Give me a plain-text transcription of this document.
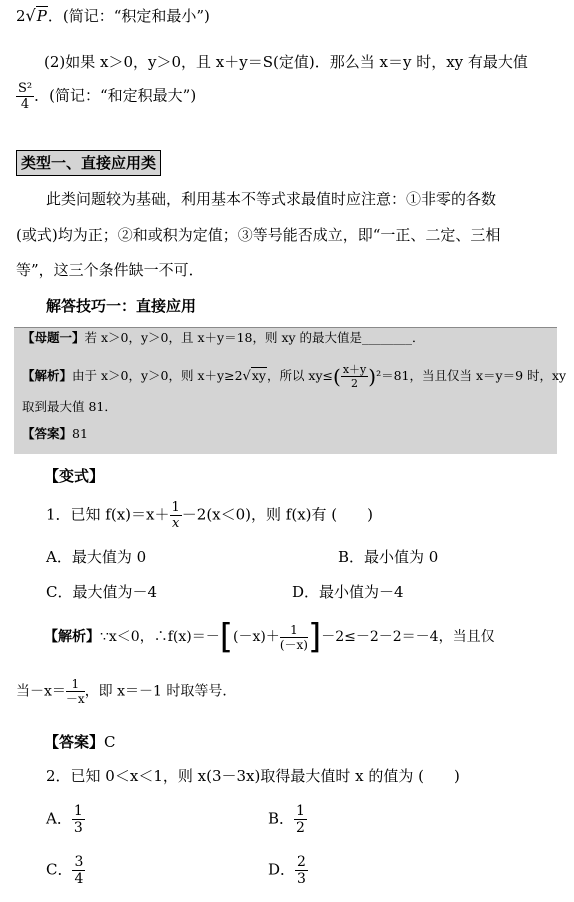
2√P．(简记：“积定和最小”)
(2)如果 x＞0，y＞0，且 x＋y＝S(定值)．那么当 x＝y 时，xy 有最大值
$\frac{\text{S²}}{4}$ ．(简记：“和定积最大”)
类型一、直接应用类
此类问题较为基础，利用基本不等式求最值时应注意：①非零的各数
(或式)均为正；②和或积为定值；③等号能否成立，即“一正、二定、三相
等”，这三个条件缺一不可．
解答技巧一：直接应用
【母题一】若 x＞0，y＞0，且 x＋y＝18，则 xy 的最大值是________．
【解析】由于 x＞0，y＞0，则 x＋y≥2√xy，所以 $xy\le( \frac{x+y}{2} )^2=81$，当且仅当 x＝y＝9 时，xy
取到最大值 81．
【答案】81
【变式】
1．已知 $f(x)=x+ \frac{1}{x} -2(x<0)$，则 f(x)有 (　　)
A．最大值为 0	B．最小值为 0
C．最大值为－4	D．最小值为－4
【解析】∵x＜0，∴f(x)＝－[(－x)＋ $\frac{1}{(-x)} ]-2\le-2-2=-4$，当且仅
当$-x= \frac{1}{-x}$ ，即 x＝－1 时取等号．
【答案】C
2．已知 0＜x＜1，则 x(3－3x)取得最大值时 x 的值为 (　　)
A． $\frac{1}{3}$	B． $\frac{1}{2}$
C． $\frac{3}{4}$	D． $\frac{2}{3}$
